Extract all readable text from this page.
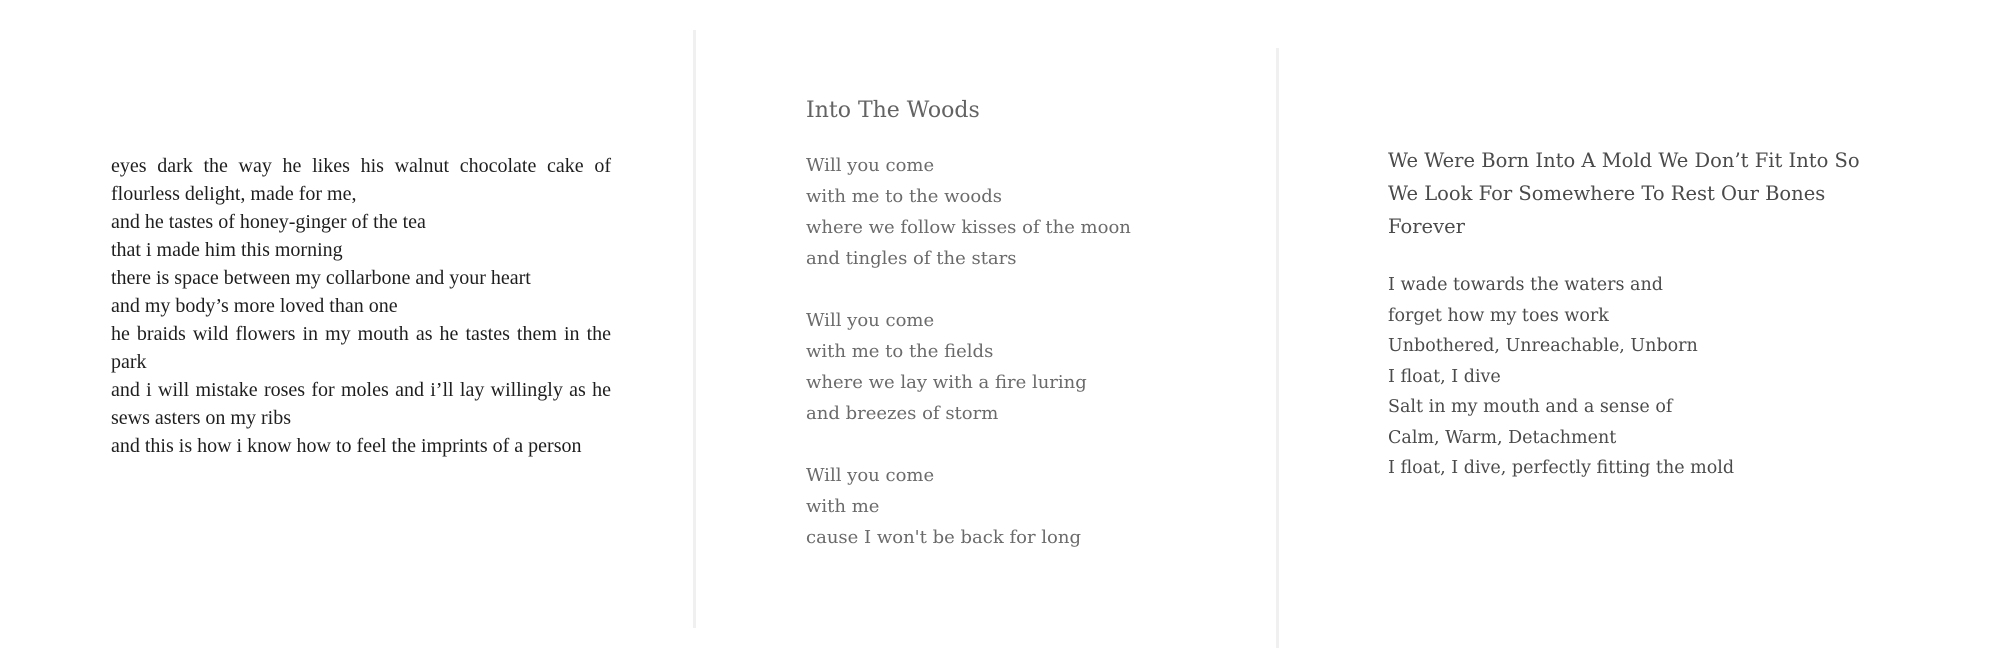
eyes dark the way he likes his walnut chocolate cake of flourless delight, made for me,

and he tastes of honey-ginger of the tea

that i made him this morning

there is space between my collarbone and your heart

and my body’s more loved than one

he braids wild flowers in my mouth as he tastes them in the park

and i will mistake roses for moles and i’ll lay willingly as he sews asters on my ribs

and this is how i know how to feel the imprints of a person

Into The Woods
Will you come
with me to the woods
where we follow kisses of the moon
and tingles of the stars
Will you come
with me to the fields
where we lay with a fire luring
and breezes of storm
Will you come
with me
cause I won't be back for long
We Were Born Into A Mold We Don’t Fit Into So
We Look For Somewhere To Rest Our Bones
Forever
I wade towards the waters and
forget how my toes work
Unbothered, Unreachable, Unborn
I float, I dive
Salt in my mouth and a sense of
Calm, Warm, Detachment
I float, I dive, perfectly fitting the mold
